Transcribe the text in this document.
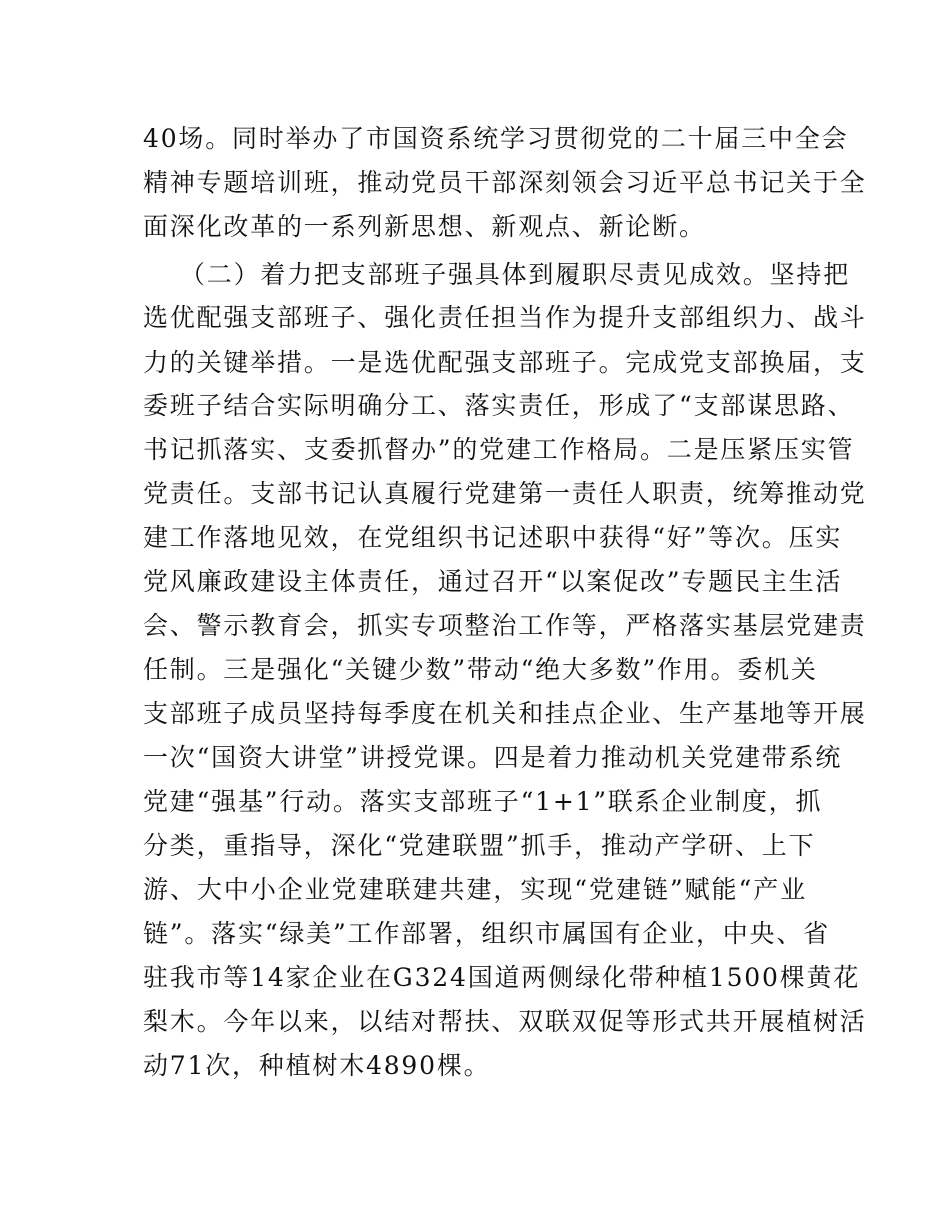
40场。同时举办了市国资系统学习贯彻党的二十届三中全会

精神专题培训班，推动党员干部深刻领会习近平总书记关于全

面深化改革的一系列新思想、新观点、新论断。

（二）着力把支部班子强具体到履职尽责见成效。坚持把

选优配强支部班子、强化责任担当作为提升支部组织力、战斗

力的关键举措。一是选优配强支部班子。完成党支部换届，支

委班子结合实际明确分工、落实责任，形成了“支部谋思路、

书记抓落实、支委抓督办”的党建工作格局。二是压紧压实管

党责任。支部书记认真履行党建第一责任人职责，统筹推动党

建工作落地见效，在党组织书记述职中获得“好”等次。压实

党风廉政建设主体责任，通过召开“以案促改”专题民主生活

会、警示教育会，抓实专项整治工作等，严格落实基层党建责

任制。三是强化“关键少数”带动“绝大多数”作用。委机关

支部班子成员坚持每季度在机关和挂点企业、生产基地等开展

一次“国资大讲堂”讲授党课。四是着力推动机关党建带系统

党建“强基”行动。落实支部班子“1+1”联系企业制度，抓

分类，重指导，深化“党建联盟”抓手，推动产学研、上下

游、大中小企业党建联建共建，实现“党建链”赋能“产业

链”。落实“绿美”工作部署，组织市属国有企业，中央、省

驻我市等14家企业在G324国道两侧绿化带种植1500棵黄花

梨木。今年以来，以结对帮扶、双联双促等形式共开展植树活

动71次，种植树木4890棵。
